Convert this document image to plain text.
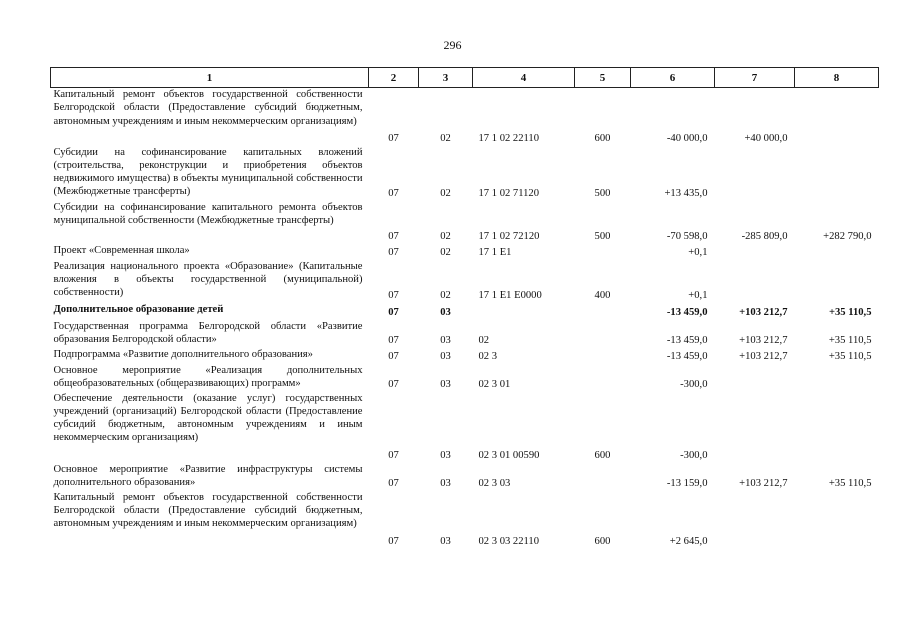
296
1	2	3	4	5	6	7	8
Капитальный ремонт объектов государственной собственности Белгородской области (Предоставление субсидий бюджетным, автономным учреждениям и иным некоммерческим организациям)	07	02	17 1 02 22110	600	-40 000,0	+40 000,0	
Субсидии на софинансирование капитальных вложений (строительства, реконструкции и приобретения объектов недвижимого имущества) в объекты муниципальной собственности (Межбюджетные трансферты)	07	02	17 1 02 71120	500	+13 435,0		
Субсидии на софинансирование капитального ремонта объектов муниципальной собственности (Межбюджетные трансферты)	07	02	17 1 02 72120	500	-70 598,0	-285 809,0	+282 790,0
Проект «Современная школа»	07	02	17 1 E1		+0,1		
Реализация национального проекта «Образование» (Капитальные вложения в объекты государственной (муниципальной) собственности)	07	02	17 1 E1 E0000	400	+0,1		
Дополнительное образование детей	07	03			-13 459,0	+103 212,7	+35 110,5
Государственная программа Белгородской области «Развитие образования Белгородской области»	07	03	02		-13 459,0	+103 212,7	+35 110,5
Подпрограмма «Развитие дополнительного образования»	07	03	02 3		-13 459,0	+103 212,7	+35 110,5
Основное мероприятие «Реализация дополнительных общеобразовательных (общеразвивающих) программ»	07	03	02 3 01		-300,0		
Обеспечение деятельности (оказание услуг) государственных учреждений (организаций) Белгородской области (Предоставление субсидий бюджетным, автономным учреждениям и иным некоммерческим организациям)	07	03	02 3 01 00590	600	-300,0		
Основное мероприятие «Развитие инфраструктуры системы дополнительного образования»	07	03	02 3 03		-13 159,0	+103 212,7	+35 110,5
Капитальный ремонт объектов государственной собственности Белгородской области (Предоставление субсидий бюджетным, автономным учреждениям и иным некоммерческим организациям)	07	03	02 3 03 22110	600	+2 645,0		
